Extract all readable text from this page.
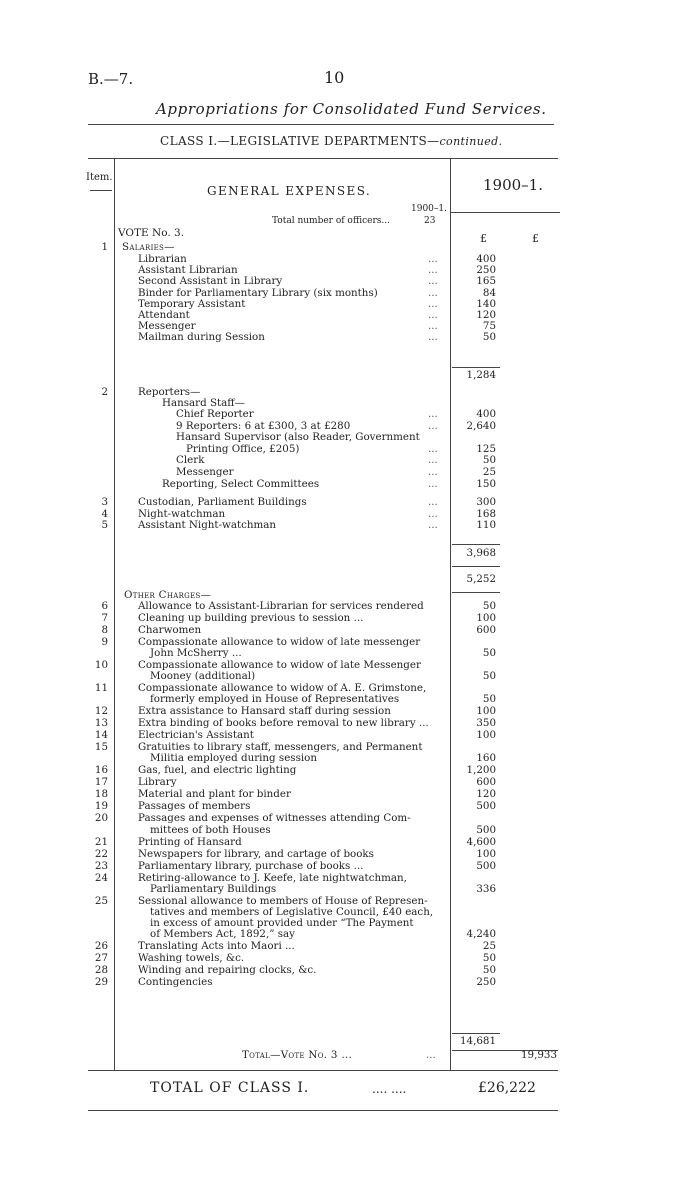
B.—7.	10
Appropriations for Consolidated Fund Services.
CLASS I.—LEGISLATIVE DEPARTMENTS—continued.
Item.
GENERAL EXPENSES.	1900–1.
1900–1.
Total number of officers...	23
£	£
VOTE No. 3.
1 Salaries—
Librarian	...	400
Assistant Librarian	...	250
Second Assistant in Library	...	165
Binder for Parliamentary Library (six months)	...	84
Temporary Assistant	...	140
Attendant	...	120
Messenger	...	75
Mailman during Session	...	50
1,284
2	Reporters—
Hansard Staff—
Chief Reporter	...	400
9 Reporters: 6 at £300, 3 at £280	...	2,640
Hansard Supervisor (also Reader, Government
Printing Office, £205)	...	125
Clerk	...	50
Messenger	...	25
Reporting, Select Committees	...	150
3	Custodian, Parliament Buildings	...	300
4	Night-watchman	...	168
5	Assistant Night-watchman	...	110
3,968
5,252
Other Charges—
6	Allowance to Assistant-Librarian for services rendered	50
7	Cleaning up building previous to session ...	100
8	Charwomen	600
9	Compassionate allowance to widow of late messenger
John McSherry ...	50
10	Compassionate allowance to widow of late Messenger
Mooney (additional)	50
11	Compassionate allowance to widow of A. E. Grimstone,
formerly employed in House of Representatives	50
12	Extra assistance to Hansard staff during session	100
13	Extra binding of books before removal to new library ...	350
14	Electrician's Assistant	100
15	Gratuities to library staff, messengers, and Permanent
Militia employed during session	160
16	Gas, fuel, and electric lighting	1,200
17	Library	600
18	Material and plant for binder	120
19	Passages of members	500
20	Passages and expenses of witnesses attending Com-
mittees of both Houses	500
21	Printing of Hansard	4,600
22	Newspapers for library, and cartage of books	100
23	Parliamentary library, purchase of books ...	500
24	Retiring-allowance to J. Keefe, late nightwatchman,
Parliamentary Buildings	336
25	Sessional allowance to members of House of Represen-
tatives and members of Legislative Council, £40 each,
in excess of amount provided under “The Payment
of Members Act, 1892,” say	4,240
26	Translating Acts into Maori ...	25
27	Washing towels, &c.	50
28	Winding and repairing clocks, &c.	50
29	Contingencies	250
14,681
Total—Vote No. 3 ...	...	19,933
TOTAL OF CLASS I.	.... ....	£26,222
